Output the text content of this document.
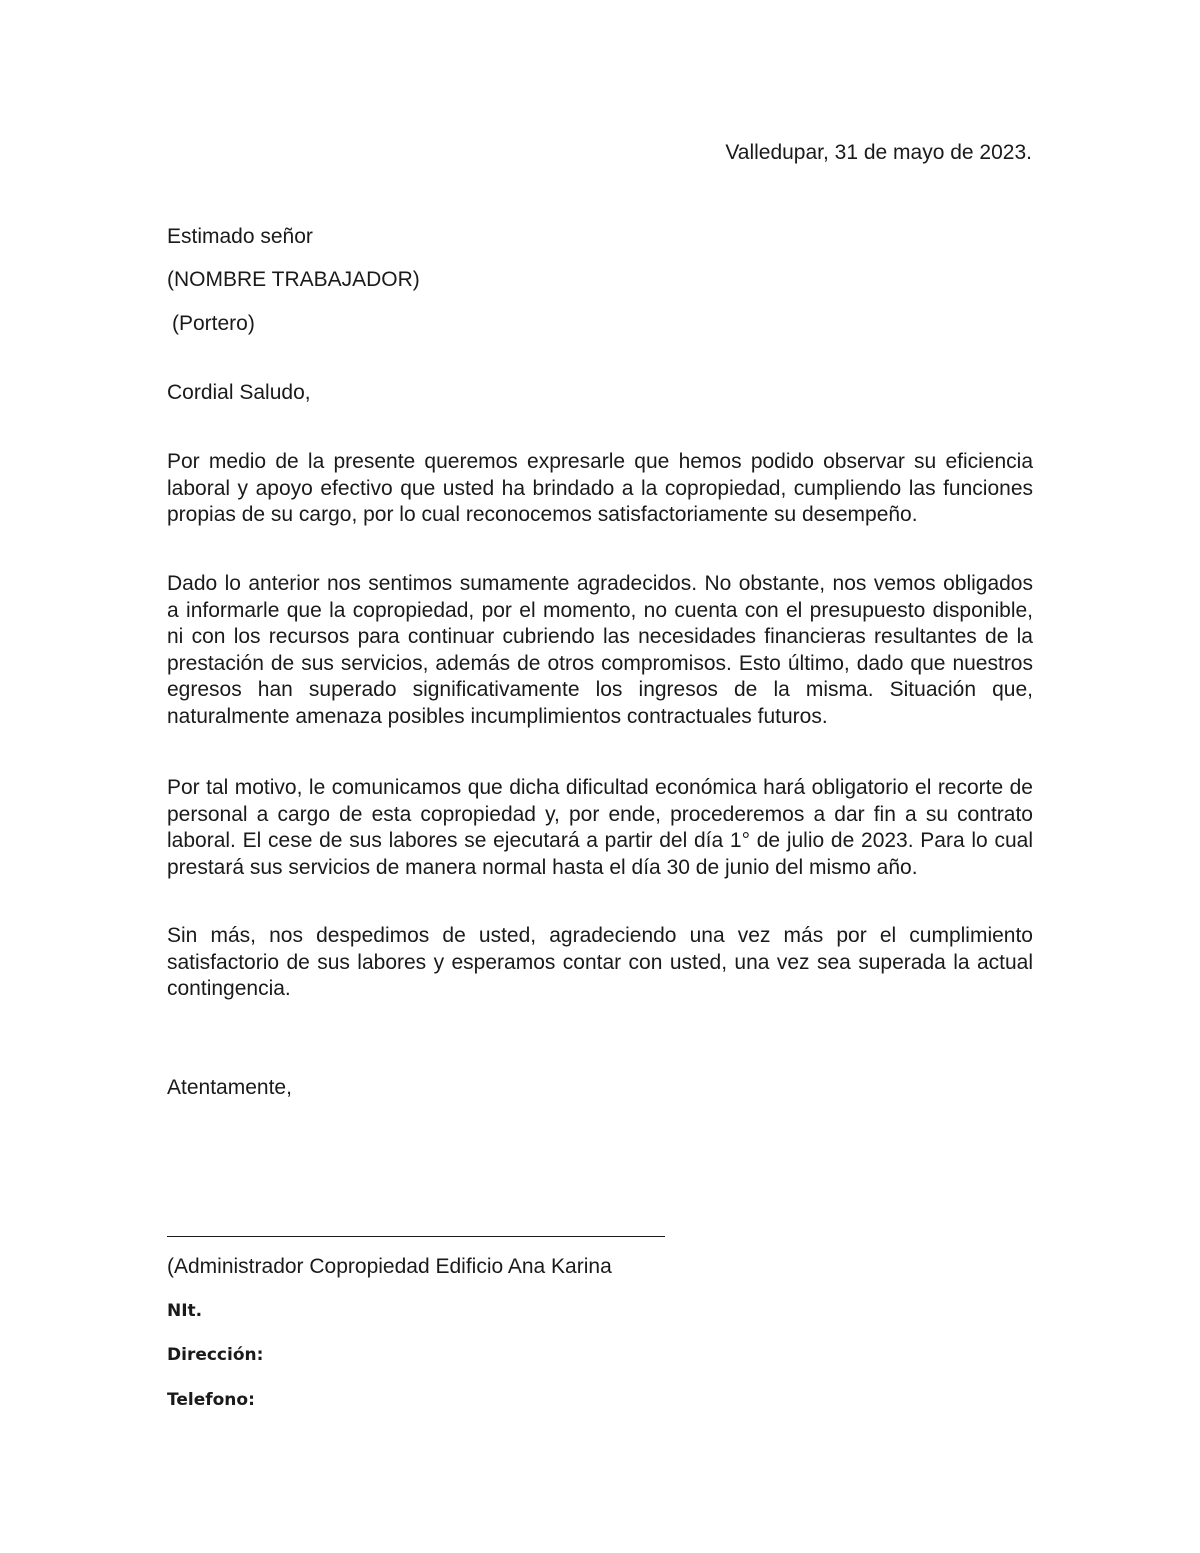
Valledupar, 31 de mayo de 2023.
Estimado señor
(NOMBRE TRABAJADOR)
(Portero)
Cordial Saludo,
Por medio de la presente queremos expresarle que hemos podido observar su eficiencia laboral y apoyo efectivo que usted ha brindado a la copropiedad, cumpliendo las funciones propias de su cargo, por lo cual reconocemos satisfactoriamente su desempeño.
Dado lo anterior nos sentimos sumamente agradecidos. No obstante, nos vemos obligados a informarle que la copropiedad, por el momento, no cuenta con el presupuesto disponible, ni con los recursos para continuar cubriendo las necesidades financieras resultantes de la prestación de sus servicios, además de otros compromisos. Esto último, dado que nuestros egresos han superado significativamente los ingresos de la misma. Situación que, naturalmente amenaza posibles incumplimientos contractuales futuros.
Por tal motivo, le comunicamos que dicha dificultad económica hará obligatorio el recorte de personal a cargo de esta copropiedad y, por ende, procederemos a dar fin a su contrato laboral. El cese de sus labores se ejecutará a partir del día 1° de julio de 2023. Para lo cual prestará sus servicios de manera normal hasta el día 30 de junio del mismo año.
Sin más, nos despedimos de usted, agradeciendo una vez más por el cumplimiento satisfactorio de sus labores y esperamos contar con usted, una vez sea superada la actual contingencia.
Atentamente,
(Administrador Copropiedad Edificio Ana Karina
NIt.
Dirección:
Telefono:
